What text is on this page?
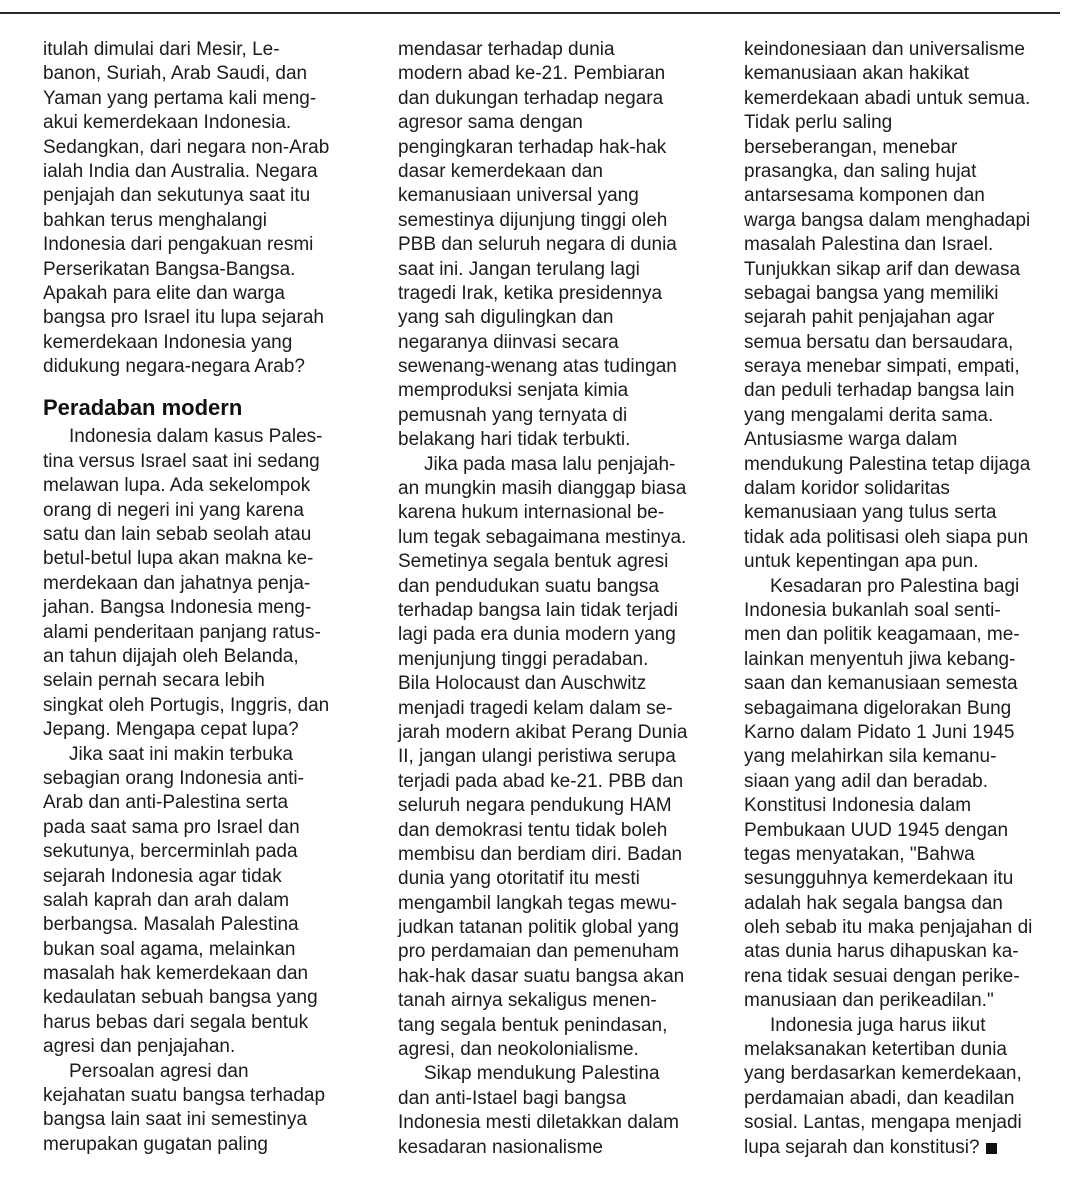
itulah dimulai dari Mesir, Le-
banon, Suriah, Arab Saudi, dan
Yaman yang pertama kali meng-
akui kemerdekaan Indonesia.
Sedangkan, dari negara non-Arab
ialah India dan Australia. Negara
penjajah dan sekutunya saat itu
bahkan terus menghalangi
Indonesia dari pengakuan resmi
Perserikatan Bangsa-Bangsa.
Apakah para elite dan warga
bangsa pro Israel itu lupa sejarah
kemerdekaan Indonesia yang
didukung negara-negara Arab?
Peradaban modern
Indonesia dalam kasus Pales-
tina versus Israel saat ini sedang
melawan lupa. Ada sekelompok
orang di negeri ini yang karena
satu dan lain sebab seolah atau
betul-betul lupa akan makna ke-
merdekaan dan jahatnya penja-
jahan. Bangsa Indonesia meng-
alami penderitaan panjang ratus-
an tahun dijajah oleh Belanda,
selain pernah secara lebih
singkat oleh Portugis, Inggris, dan
Jepang. Mengapa cepat lupa?
Jika saat ini makin terbuka
sebagian orang Indonesia anti-
Arab dan anti-Palestina serta
pada saat sama pro Israel dan
sekutunya, bercerminlah pada
sejarah Indonesia agar tidak
salah kaprah dan arah dalam
berbangsa. Masalah Palestina
bukan soal agama, melainkan
masalah hak kemerdekaan dan
kedaulatan sebuah bangsa yang
harus bebas dari segala bentuk
agresi dan penjajahan.
Persoalan agresi dan
kejahatan suatu bangsa terhadap
bangsa lain saat ini semestinya
merupakan gugatan paling
mendasar terhadap dunia
modern abad ke-21. Pembiaran
dan dukungan terhadap negara
agresor sama dengan
pengingkaran terhadap hak-hak
dasar kemerdekaan dan
kemanusiaan universal yang
semestinya dijunjung tinggi oleh
PBB dan seluruh negara di dunia
saat ini. Jangan terulang lagi
tragedi Irak, ketika presidennya
yang sah digulingkan dan
negaranya diinvasi secara
sewenang-wenang atas tudingan
memproduksi senjata kimia
pemusnah yang ternyata di
belakang hari tidak terbukti.
Jika pada masa lalu penjajah-
an mungkin masih dianggap biasa
karena hukum internasional be-
lum tegak sebagaimana mestinya.
Semetinya segala bentuk agresi
dan pendudukan suatu bangsa
terhadap bangsa lain tidak terjadi
lagi pada era dunia modern yang
menjunjung tinggi peradaban.
Bila Holocaust dan Auschwitz
menjadi tragedi kelam dalam se-
jarah modern akibat Perang Dunia
II, jangan ulangi peristiwa serupa
terjadi pada abad ke-21. PBB dan
seluruh negara pendukung HAM
dan demokrasi tentu tidak boleh
membisu dan berdiam diri. Badan
dunia yang otoritatif itu mesti
mengambil langkah tegas mewu-
judkan tatanan politik global yang
pro perdamaian dan pemenuham
hak-hak dasar suatu bangsa akan
tanah airnya sekaligus menen-
tang segala bentuk penindasan,
agresi, dan neokolonialisme.
Sikap mendukung Palestina
dan anti-Istael bagi bangsa
Indonesia mesti diletakkan dalam
kesadaran nasionalisme
keindonesiaan dan universalisme
kemanusiaan akan hakikat
kemerdekaan abadi untuk semua.
Tidak perlu saling
berseberangan, menebar
prasangka, dan saling hujat
antarsesama komponen dan
warga bangsa dalam menghadapi
masalah Palestina dan Israel.
Tunjukkan sikap arif dan dewasa
sebagai bangsa yang memiliki
sejarah pahit penjajahan agar
semua bersatu dan bersaudara,
seraya menebar simpati, empati,
dan peduli terhadap bangsa lain
yang mengalami derita sama.
Antusiasme warga dalam
mendukung Palestina tetap dijaga
dalam koridor solidaritas
kemanusiaan yang tulus serta
tidak ada politisasi oleh siapa pun
untuk kepentingan apa pun.
Kesadaran pro Palestina bagi
Indonesia bukanlah soal senti-
men dan politik keagamaan, me-
lainkan menyentuh jiwa kebang-
saan dan kemanusiaan semesta
sebagaimana digelorakan Bung
Karno dalam Pidato 1 Juni 1945
yang melahirkan sila kemanu-
siaan yang adil dan beradab.
Konstitusi Indonesia dalam
Pembukaan UUD 1945 dengan
tegas menyatakan, "Bahwa
sesungguhnya kemerdekaan itu
adalah hak segala bangsa dan
oleh sebab itu maka penjajahan di
atas dunia harus dihapuskan ka-
rena tidak sesuai dengan perike-
manusiaan dan perikeadilan."
Indonesia juga harus iikut
melaksanakan ketertiban dunia
yang berdasarkan kemerdekaan,
perdamaian abadi, dan keadilan
sosial. Lantas, mengapa menjadi
lupa sejarah dan konstitusi?
